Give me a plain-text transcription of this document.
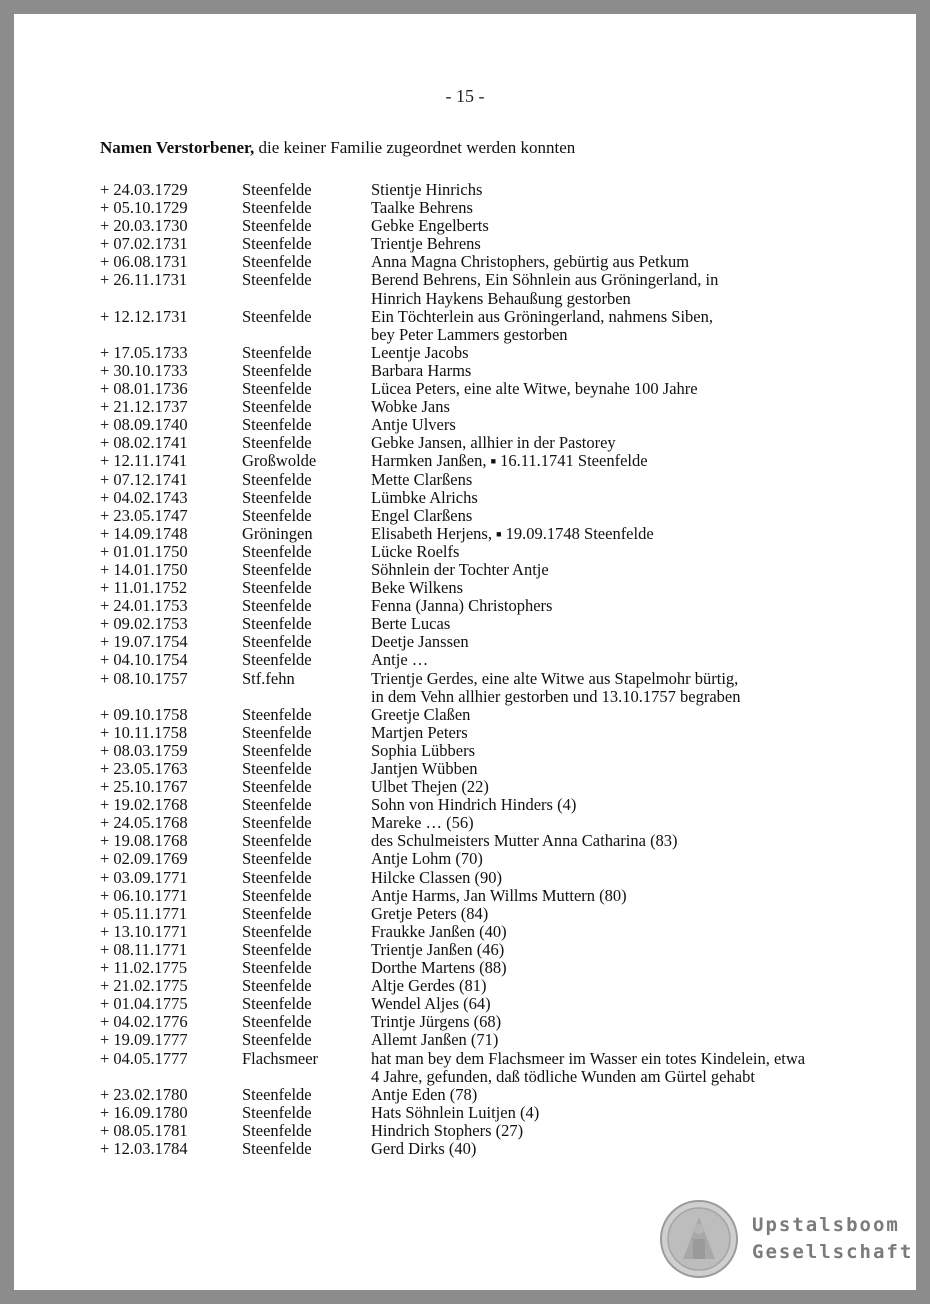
- 15 -
Namen Verstorbener, die keiner Familie zugeordnet werden konnten
+ 24.03.1729	Steenfelde	Stientje Hinrichs
+ 05.10.1729	Steenfelde	Taalke Behrens
+ 20.03.1730	Steenfelde	Gebke Engelberts
+ 07.02.1731	Steenfelde	Trientje Behrens
+ 06.08.1731	Steenfelde	Anna Magna Christophers, gebürtig aus Petkum
+ 26.11.1731	Steenfelde	Berend Behrens, Ein Söhnlein aus Gröningerland, in
Hinrich Haykens Behaußung gestorben
+ 12.12.1731	Steenfelde	Ein Töchterlein aus Gröningerland, nahmens Siben,
bey Peter Lammers gestorben
+ 17.05.1733	Steenfelde	Leentje Jacobs
+ 30.10.1733	Steenfelde	Barbara Harms
+ 08.01.1736	Steenfelde	Lücea Peters, eine alte Witwe, beynahe 100 Jahre
+ 21.12.1737	Steenfelde	Wobke Jans
+ 08.09.1740	Steenfelde	Antje Ulvers
+ 08.02.1741	Steenfelde	Gebke Jansen, allhier in der Pastorey
+ 12.11.1741	Großwolde	Harmken Janßen, ■ 16.11.1741 Steenfelde
+ 07.12.1741	Steenfelde	Mette Clarßens
+ 04.02.1743	Steenfelde	Lümbke Alrichs
+ 23.05.1747	Steenfelde	Engel Clarßens
+ 14.09.1748	Gröningen	Elisabeth Herjens, ■ 19.09.1748 Steenfelde
+ 01.01.1750	Steenfelde	Lücke Roelfs
+ 14.01.1750	Steenfelde	Söhnlein der Tochter Antje
+ 11.01.1752	Steenfelde	Beke Wilkens
+ 24.01.1753	Steenfelde	Fenna (Janna) Christophers
+ 09.02.1753	Steenfelde	Berte Lucas
+ 19.07.1754	Steenfelde	Deetje Janssen
+ 04.10.1754	Steenfelde	Antje …
+ 08.10.1757	Stf.fehn	Trientje Gerdes, eine alte Witwe aus Stapelmohr bürtig,
in dem Vehn allhier gestorben und 13.10.1757 begraben
+ 09.10.1758	Steenfelde	Greetje Claßen
+ 10.11.1758	Steenfelde	Martjen Peters
+ 08.03.1759	Steenfelde	Sophia Lübbers
+ 23.05.1763	Steenfelde	Jantjen Wübben
+ 25.10.1767	Steenfelde	Ulbet Thejen (22)
+ 19.02.1768	Steenfelde	Sohn von Hindrich Hinders (4)
+ 24.05.1768	Steenfelde	Mareke … (56)
+ 19.08.1768	Steenfelde	des Schulmeisters Mutter Anna Catharina (83)
+ 02.09.1769	Steenfelde	Antje Lohm (70)
+ 03.09.1771	Steenfelde	Hilcke Classen (90)
+ 06.10.1771	Steenfelde	Antje Harms, Jan Willms Muttern (80)
+ 05.11.1771	Steenfelde	Gretje Peters (84)
+ 13.10.1771	Steenfelde	Fraukke Janßen (40)
+ 08.11.1771	Steenfelde	Trientje Janßen (46)
+ 11.02.1775	Steenfelde	Dorthe Martens (88)
+ 21.02.1775	Steenfelde	Altje Gerdes (81)
+ 01.04.1775	Steenfelde	Wendel Aljes (64)
+ 04.02.1776	Steenfelde	Trintje Jürgens (68)
+ 19.09.1777	Steenfelde	Allemt Janßen (71)
+ 04.05.1777	Flachsmeer	hat man bey dem Flachsmeer im Wasser ein totes Kindelein, etwa
4 Jahre, gefunden, daß tödliche Wunden am Gürtel gehabt
+ 23.02.1780	Steenfelde	Antje Eden (78)
+ 16.09.1780	Steenfelde	Hats Söhnlein Luitjen (4)
+ 08.05.1781	Steenfelde	Hindrich Stophers (27)
+ 12.03.1784	Steenfelde	Gerd Dirks (40)
Upstalsboom
Gesellschaft
